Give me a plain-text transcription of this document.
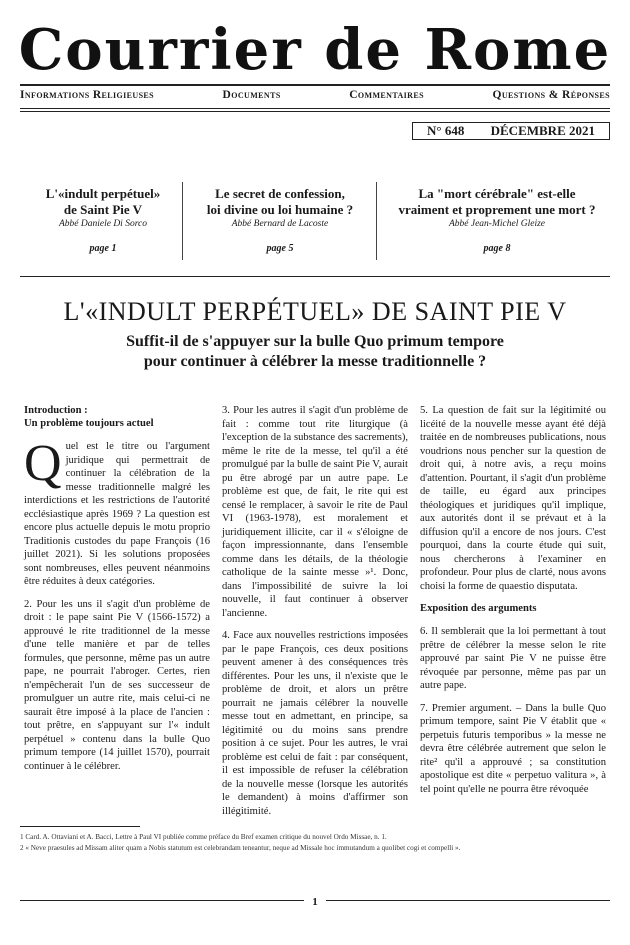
Courrier de Rome
Informations Religieuses	Documents	Commentaires	Questions & Réponses
N° 648 DÉCEMBRE 2021
L'«indult perpétuel»
de Saint Pie V
Abbé Daniele Di Sorco
page 1
Le secret de confession,
loi divine ou loi humaine ?
Abbé Bernard de Lacoste
page 5
La "mort cérébrale" est-elle
vraiment et proprement une mort ?
Abbé Jean-Michel Gleize
page 8
L'«INDULT PERPÉTUEL» DE SAINT PIE V
Suffit-il de s'appuyer sur la bulle Quo primum tempore
pour continuer à célébrer la messe traditionnelle ?
Introduction :
Un problème toujours actuel

Quel est le titre ou l'argument juridique qui permettrait de continuer la célébration de la messe traditionnelle malgré les interdictions et les restrictions de l'autorité ecclésiastique après 1969 ? La question est encore plus actuelle depuis le motu proprio Traditionis custodes du pape François (16 juillet 2021). Si les solutions proposées sont nombreuses, elles peuvent néanmoins être réduites à deux catégories.

2. Pour les uns il s'agit d'un problème de droit : le pape saint Pie V (1566-1572) a approuvé le rite traditionnel de la messe d'une telle manière et par de telles formules, que personne, même pas un autre pape, ne pourrait l'abroger. Certes, rien n'empêcherait l'un de ses successeur de promulguer un autre rite, mais celui-ci ne saurait être imposé à la place de l'ancien : tout prêtre, en s'appuyant sur l'« indult perpétuel » contenu dans la bulle Quo primum tempore (14 juillet 1570), pourrait continuer à le célébrer.

3. Pour les autres il s'agit d'un problème de fait : comme tout rite liturgique (à l'exception de la substance des sacrements), même le rite de la messe, tel qu'il a été promulgué par la bulle de saint Pie V, aurait pu être abrogé par un autre pape. Le problème est que, de fait, le rite qui est censé le remplacer, à savoir le rite de Paul VI (1963-1978), est moralement et juridiquement illicite, car il « s'éloigne de façon impressionnante, dans l'ensemble comme dans les détails, de la théologie catholique de la sainte messe »¹. Donc, dans l'impossibilité de suivre la loi nouvelle, il faut continuer à observer l'ancienne.

4. Face aux nouvelles restrictions imposées par le pape François, ces deux positions peuvent amener à des conséquences très différentes. Pour les uns, il n'existe que le problème de droit, et alors un prêtre pourrait ne jamais célébrer la nouvelle messe tout en admettant, en principe, sa légitimité ou du moins sans prendre position à ce sujet. Pour les autres, le vrai problème est celui de fait : par conséquent, il est impossible de refuser la célébration de la nouvelle messe (lorsque les autorités le demandent) à moins d'affirmer son illégitimité.

5. La question de fait sur la légitimité ou licéité de la nouvelle messe ayant été déjà traitée en de nombreuses publications, nous voudrions nous pencher sur la question de droit qui, à notre avis, a reçu moins d'attention. Pourtant, il s'agit d'un problème de taille, eu égard aux principes théologiques et juridiques qu'il implique, aux autorités dont il se prévaut et à la diffusion qu'il a encore de nos jours. C'est pourquoi, dans la courte étude qui suit, nous chercherons à l'examiner en profondeur. Pour plus de clarté, nous avons choisi la forme de quaestio disputata.

Exposition des arguments

6. Il semblerait que la loi permettant à tout prêtre de célébrer la messe selon le rite approuvé par saint Pie V ne puisse être révoquée par personne, même pas par un autre pape.

7. Premier argument. – Dans la bulle Quo primum tempore, saint Pie V établit que « perpetuis futuris temporibus » la messe ne devra être célébrée autrement que selon le rite² qu'il a approuvé ; sa constitution apostolique est dite « perpetuo valitura », à tel point qu'elle ne pourra être révoquée

1 Card. A. Ottaviani et A. Bacci, Lettre à Paul VI publiée comme préface du Bref examen critique du nouvel Ordo Missae, n. 1.
2 « Neve praesules ad Missam aliter quam a Nobis statutum est celebrandam teneantur, neque ad Missale hoc immutandum a quolibet cogi et compelli ».
1
